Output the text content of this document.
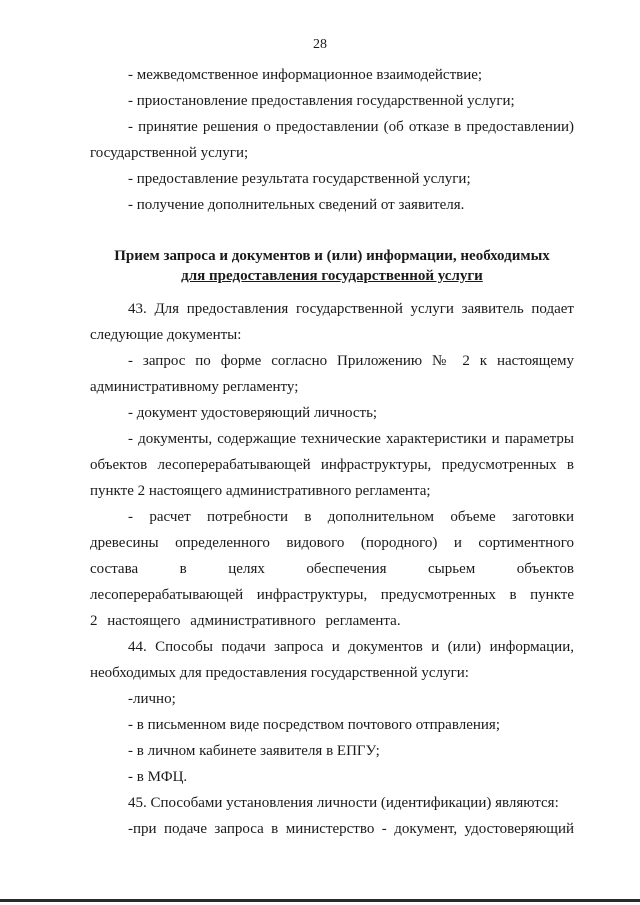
28

- межведомственное информационное взаимодействие;

- приостановление предоставления государственной услуги;

- принятие решения о предоставлении (об отказе в предоставлении) государственной услуги;

- предоставление результата государственной услуги;

- получение дополнительных сведений от заявителя.

Прием запроса и документов и (или) информации, необходимых
для предоставления государственной услуги

43. Для предоставления государственной услуги заявитель подает следующие документы:

- запрос по форме согласно Приложению № 2 к настоящему административному регламенту;

- документ удостоверяющий личность;

- документы, содержащие технические характеристики и параметры объектов лесоперерабатывающей инфраструктуры, предусмотренных в пункте 2 настоящего административного регламента;

- расчет потребности в дополнительном объеме заготовки древесины определенного видового (породного) и сортиментного состава в целях обеспечения сырьем объектов лесоперерабатывающей инфраструктуры, предусмотренных в пункте 2 настоящего административного регламента.

44. Способы подачи запроса и документов и (или) информации, необходимых для предоставления государственной услуги:

-лично;

- в письменном виде посредством почтового отправления;

- в личном кабинете заявителя в ЕПГУ;

- в МФЦ.

45. Способами установления личности (идентификации) являются:

-при подаче запроса в министерство - документ, удостоверяющий
